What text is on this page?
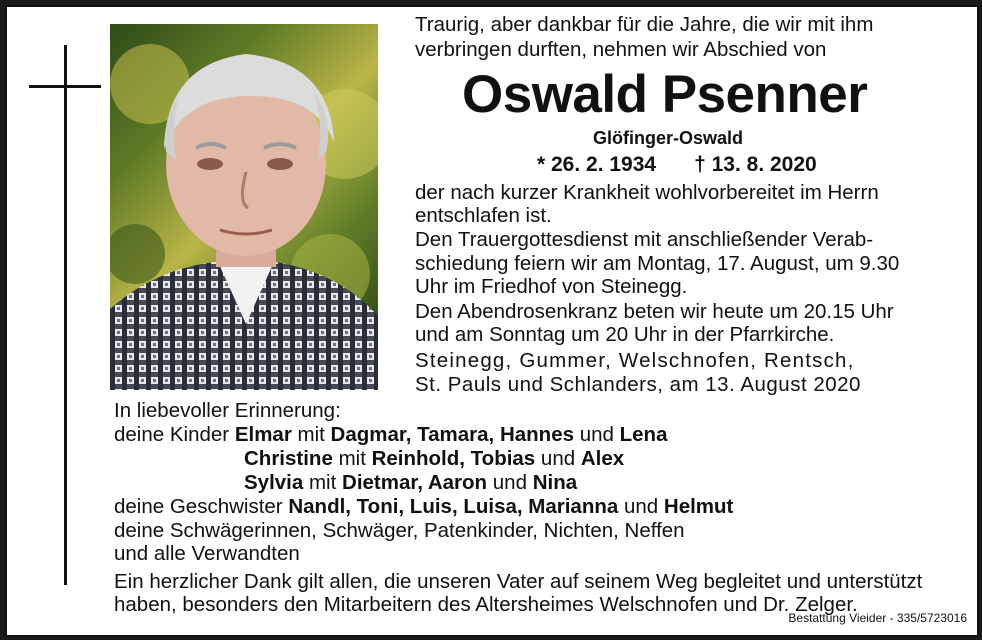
Traurig, aber dankbar für die Jahre, die wir mit ihm
verbringen durften, nehmen wir Abschied von
Oswald Psenner
Glöfinger-Oswald
* 26. 2. 1934 † 13. 8. 2020
der nach kurzer Krankheit wohlvorbereitet im Herrn
entschlafen ist.
Den Trauergottesdienst mit anschließender Verab-
schiedung feiern wir am Montag, 17. August, um 9.30
Uhr im Friedhof von Steinegg.
Den Abendrosenkranz beten wir heute um 20.15 Uhr
und am Sonntag um 20 Uhr in der Pfarrkirche.
Steinegg, Gummer, Welschnofen, Rentsch,
St. Pauls und Schlanders, am 13. August 2020
In liebevoller Erinnerung:
deine Kinder Elmar mit Dagmar, Tamara, Hannes und Lena
Christine mit Reinhold, Tobias und Alex
Sylvia mit Dietmar, Aaron und Nina
deine Geschwister Nandl, Toni, Luis, Luisa, Marianna und Helmut
deine Schwägerinnen, Schwäger, Patenkinder, Nichten, Neffen
und alle Verwandten
Ein herzlicher Dank gilt allen, die unseren Vater auf seinem Weg begleitet und unterstützt
haben, besonders den Mitarbeitern des Altersheimes Welschnofen und Dr. Zelger.
Bestattung Vieider - 335/5723016
